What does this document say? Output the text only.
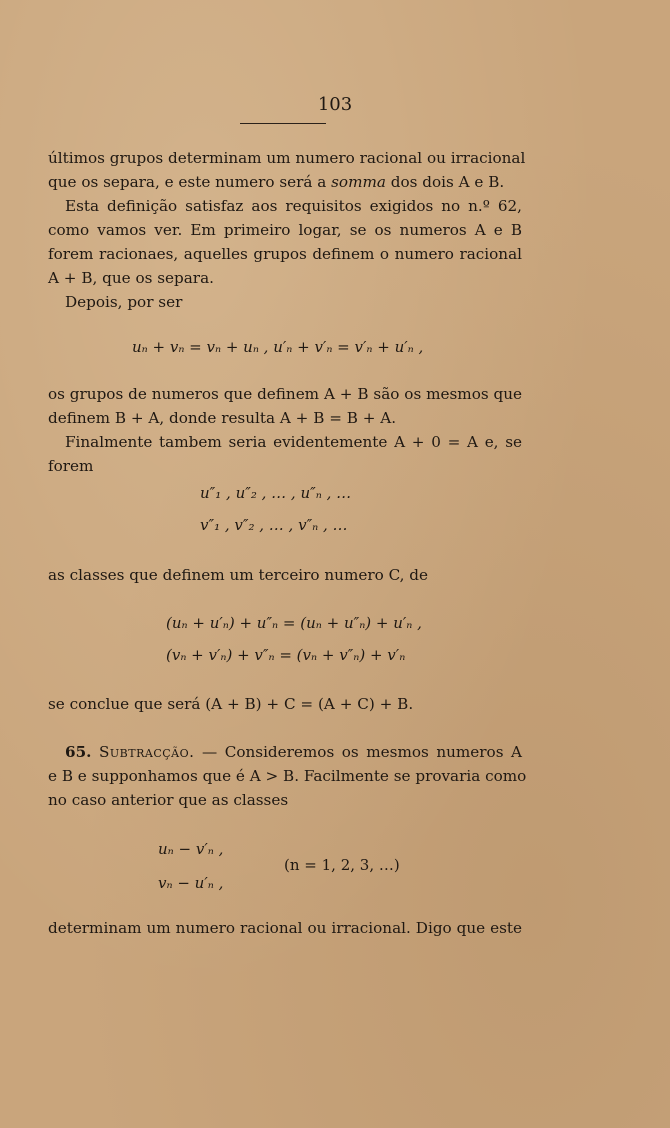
103
últimos grupos determinam um numero racional ou irracional
que os separa, e este numero será a somma dos dois A e B.
Esta definição satisfaz aos requisitos exigidos no n.º 62,
como vamos ver. Em primeiro logar, se os numeros A e B
forem racionaes, aquelles grupos definem o numero racional
A + B, que os separa.
Depois, por ser
uₙ + vₙ = vₙ + uₙ , u′ₙ + v′ₙ = v′ₙ + u′ₙ ,
os grupos de numeros que definem A + B são os mesmos que
definem B + A, donde resulta A + B = B + A.
Finalmente tambem seria evidentemente A + 0 = A e, se
forem
u″₁ , u″₂ , … , u″ₙ , …
v″₁ , v″₂ , … , v″ₙ , …
as classes que definem um terceiro numero C, de
(uₙ + u′ₙ) + u″ₙ = (uₙ + u″ₙ) + u′ₙ ,
(vₙ + v′ₙ) + v″ₙ = (vₙ + v″ₙ) + v′ₙ
se conclue que será (A + B) + C = (A + C) + B.
65. Subtracção. — Consideremos os mesmos numeros A
e B e supponhamos que é A > B. Facilmente se provaria como
no caso anterior que as classes
uₙ − v′ₙ ,
vₙ − u′ₙ ,
(n = 1, 2, 3, …)
determinam um numero racional ou irracional. Digo que este
